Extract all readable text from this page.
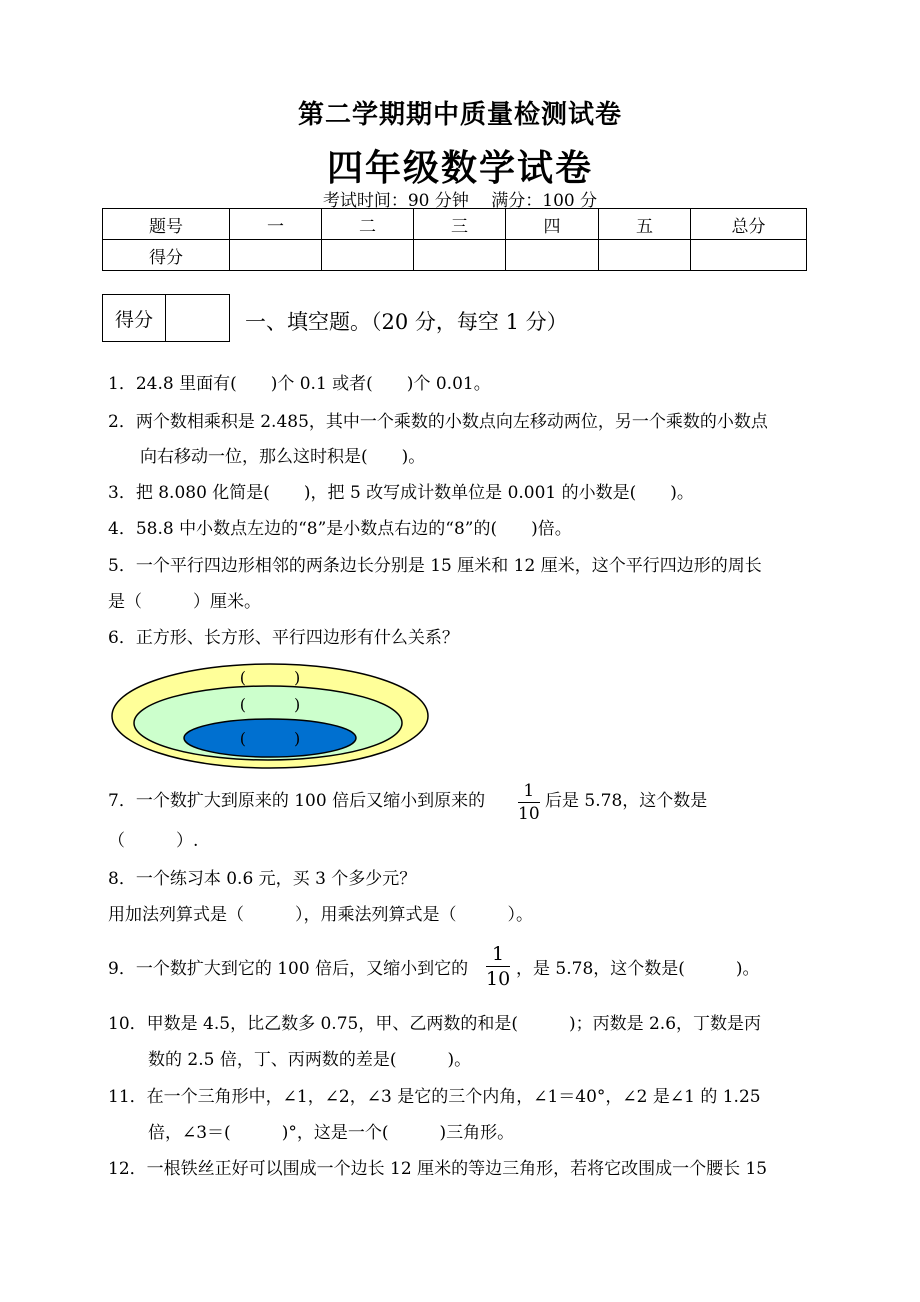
第二学期期中质量检测试卷
四年级数学试卷
考试时间：90 分钟　 满分：100 分
题号	一	二	三	四	五	总分
得分						
得分	一、填空题。（20 分，每空 1 分）
1．24.8 里面有(　　)个 0.1 或者(　　)个 0.01。
2．两个数相乘积是 2.485，其中一个乘数的小数点向左移动两位，另一个乘数的小数点
向右移动一位，那么这时积是(　　)。
3．把 8.080 化简是(　　)，把 5 改写成计数单位是 0.001 的小数是(　　)。
4．58.8 中小数点左边的“8”是小数点右边的“8”的(　　)倍。
5．一个平行四边形相邻的两条边长分别是 15 厘米和 12 厘米，这个平行四边形的周长
是（　　　）厘米。
6．正方形、长方形、平行四边形有什么关系？
(　　　)
(　　　)
(　　　)
7．一个数扩大到原来的 100 倍后又缩小到原来的	1
10
后是 5.78，这个数是
（　　　）.
8．一个练习本 0.6 元，买 3 个多少元？
用加法列算式是（　　　），用乘法列算式是（　　　）。
9．一个数扩大到它的 100 倍后，又缩小到它的
1
10 ，是 5.78，这个数是(　　　)。
10．甲数是 4.5，比乙数多 0.75，甲、乙两数的和是(　　　)；丙数是 2.6，丁数是丙
数的 2.5 倍，丁、丙两数的差是(　　　)。
11．在一个三角形中，∠1，∠2，∠3 是它的三个内角，∠1＝40°，∠2 是∠1 的 1.25
倍，∠3＝(　　　)°，这是一个(　　　)三角形。
12．一根铁丝正好可以围成一个边长 12 厘米的等边三角形，若将它改围成一个腰长 15
